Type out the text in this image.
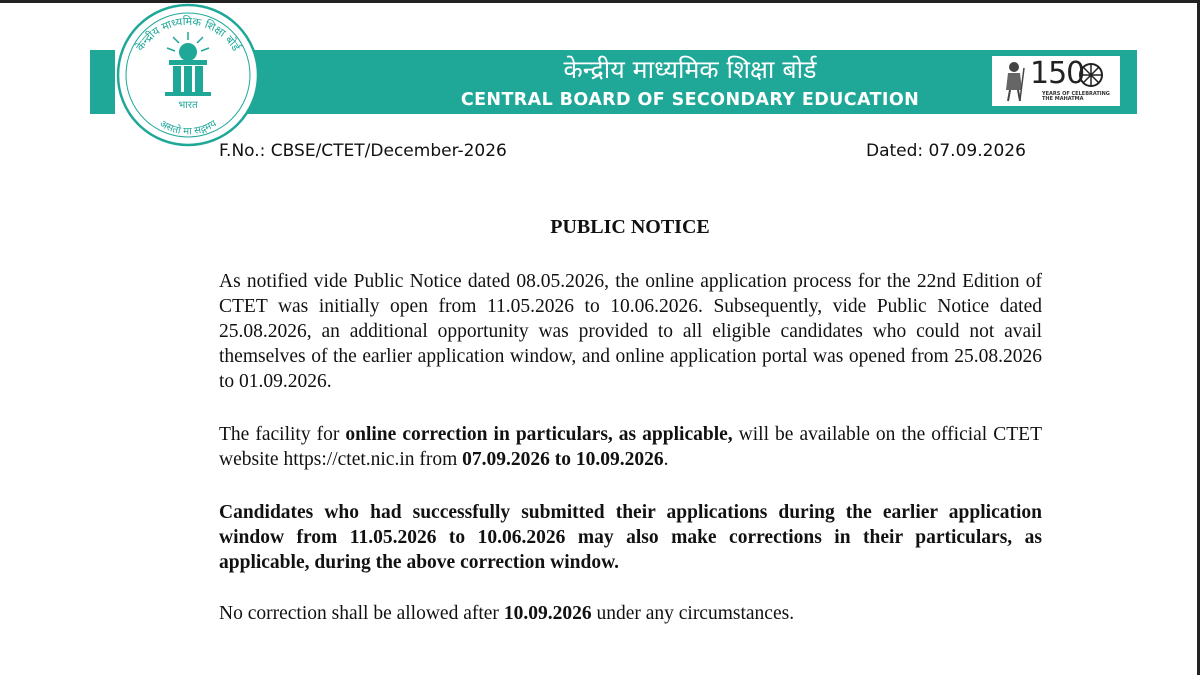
केन्द्रीय माध्यमिक शिक्षा बोर्ड
भारत
असतो मा सद्गमय
केन्द्रीय माध्यमिक शिक्षा बोर्ड
CENTRAL BOARD OF SECONDARY EDUCATION
150
YEARS OF CELEBRATING THE MAHATMA
F.No.: CBSE/CTET/December-2026	Dated: 07.09.2026
PUBLIC NOTICE

As notified vide Public Notice dated 08.05.2026, the online application process for the 22nd Edition of CTET was initially open from 11.05.2026 to 10.06.2026. Subsequently, vide Public Notice dated 25.08.2026, an additional opportunity was provided to all eligible candidates who could not avail themselves of the earlier application window, and online application portal was opened from 25.08.2026 to 01.09.2026.

The facility for online correction in particulars, as applicable, will be available on the official CTET website https://ctet.nic.in from 07.09.2026 to 10.09.2026.

Candidates who had successfully submitted their applications during the earlier application window from 11.05.2026 to 10.06.2026 may also make corrections in their particulars, as applicable, during the above correction window.

No correction shall be allowed after 10.09.2026 under any circumstances.
